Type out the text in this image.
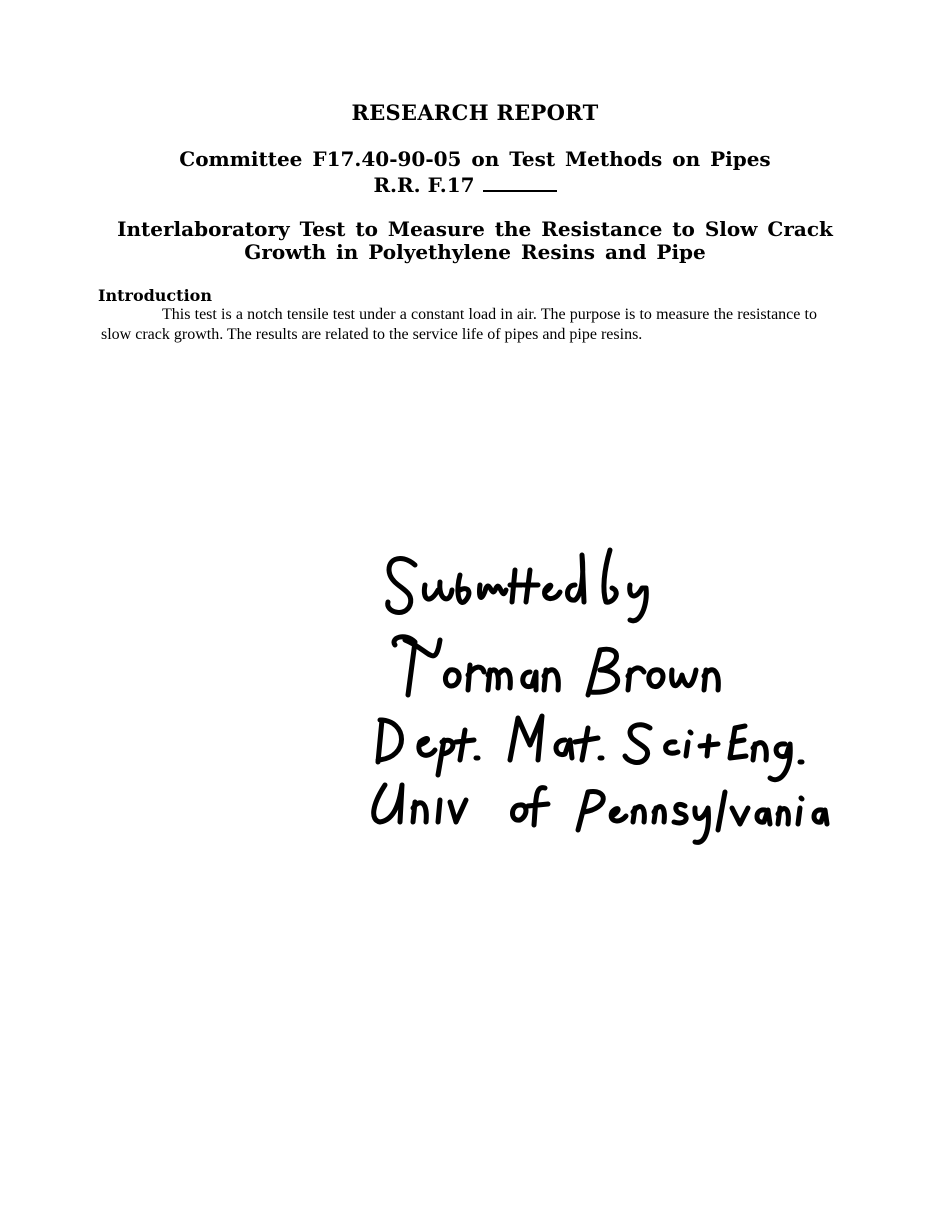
RESEARCH REPORT
Committee F17.40-90-05 on Test Methods on Pipes
R.R. F.17
Interlaboratory Test to Measure the Resistance to Slow Crack
Growth in Polyethylene Resins and Pipe
Introduction
This test is a notch tensile test under a constant load in air. The purpose is to measure the resistance to slow crack growth. The results are related to the service life of pipes and pipe resins.
